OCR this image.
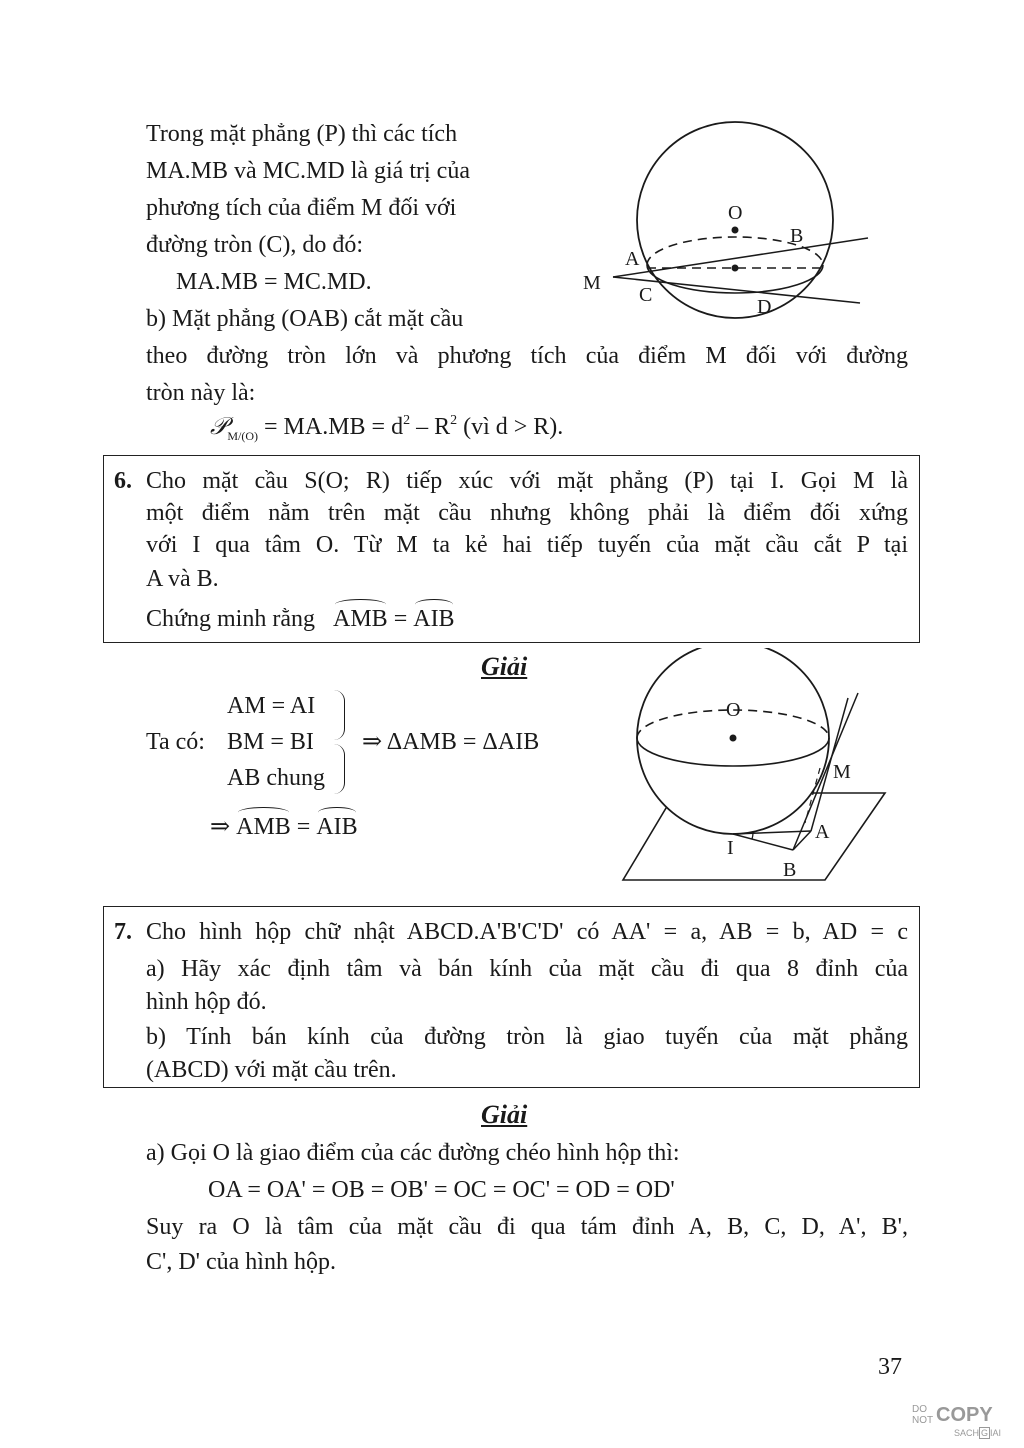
Trong mặt phẳng (P) thì các tích
MA.MB và MC.MD là giá trị của
phương tích của điểm M đối với
đường tròn (C), do đó:
MA.MB = MC.MD.
b) Mặt phẳng (OAB) cắt mặt cầu
theo đường tròn lớn và phương tích của điểm M đối với đường
tròn này là:
𝒫$_{M/(O)}$ = $MA.MB = d^2 - R^2$ (vì d > R).
O
B
A
M
C
D
6. Cho mặt cầu S(O; R) tiếp xúc với mặt phẳng (P) tại I. Gọi M là
một điểm nằm trên mặt cầu nhưng không phải là điểm đối xứng
với I qua tâm O. Từ M ta kẻ hai tiếp tuyến của mặt cầu cắt P tại
A và B.
Chứng minh rằng AMB = AIB
Giải
AM = AI
Ta có: BM = BI
AB chung
⇒ ΔAMB = ΔAIB
⇒ AMB = AIB
O
M
A
I
B
7. Cho hình hộp chữ nhật ABCD.A'B'C'D' có AA' = a, AB = b, AD = c
a) Hãy xác định tâm và bán kính của mặt cầu đi qua 8 đỉnh của
hình hộp đó.
b) Tính bán kính của đường tròn là giao tuyến của mặt phẳng
(ABCD) với mặt cầu trên.
Giải
a) Gọi O là giao điểm của các đường chéo hình hộp thì:
OA = OA' = OB = OB' = OC = OC' = OD = OD'
Suy ra O là tâm của mặt cầu đi qua tám đỉnh A, B, C, D, A', B',
C', D' của hình hộp.
37
DO
NOT COPY
SACH G IAI
